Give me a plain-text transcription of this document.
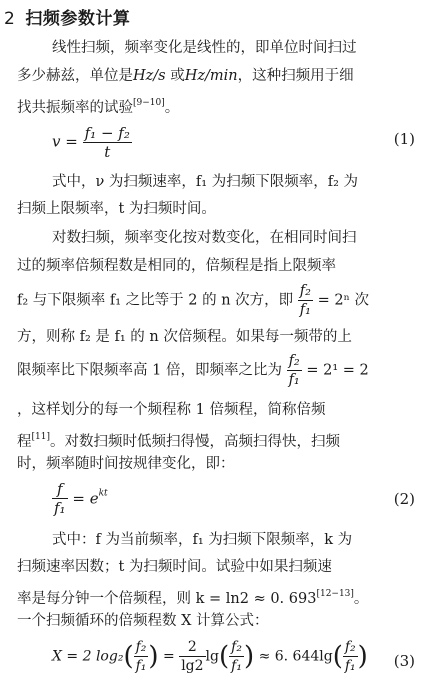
2 扫频参数计算
线性扫频，频率变化是线性的，即单位时间扫过
多少赫兹，单位是Hz/s 或Hz/min，这种扫频用于细
找共振频率的试验[9−10]。
$v = \frac{\text{f₁ − f₂}}{t}$	(1)
式中，ν 为扫频速率，f₁ 为扫频下限频率，f₂ 为
扫频上限频率，t 为扫频时间。
对数扫频，频率变化按对数变化，在相同时间扫
过的频率倍频程数是相同的，倍频程是指上限频率
f₂ 与下限频率 f₁ 之比等于 2 的 n 次方，即 $\frac{\text{f₂}}{\text{f₁}} = 2^n$ 次
方，则称 f₂ 是 f₁ 的 n 次倍频程。如果每一频带的上
限频率比下限频率高 1 倍，即频率之比为 $\frac{\text{f₂}}{\text{f₁}} = 2^1 = 2$
，这样划分的每一个频程称 1 倍频程，简称倍频
程[11]。对数扫频时低频扫得慢，高频扫得快，扫频
时，频率随时间按规律变化，即：
$\frac{f}{\text{f₁}} = e^{kt}$	(2)
式中：f 为当前频率，f₁ 为扫频下限频率，k 为
扫频速率因数；t 为扫频时间。试验中如果扫频速
率是每分钟一个倍频程，则 k = ln2 ≈ 0. 693[12−13]。
一个扫频循环的倍频程数 X 计算公式：
X = 2 $\log_2( \frac{\text{f₂}}{\text{f₁}}$ ) = $\frac{2}{\lg 2} \lg( \frac{\text{f₂}}{\text{f₁}}$ ) ≈ 6. $644\lg( \frac{\text{f₂}}{\text{f₁}}$ ) (3)
